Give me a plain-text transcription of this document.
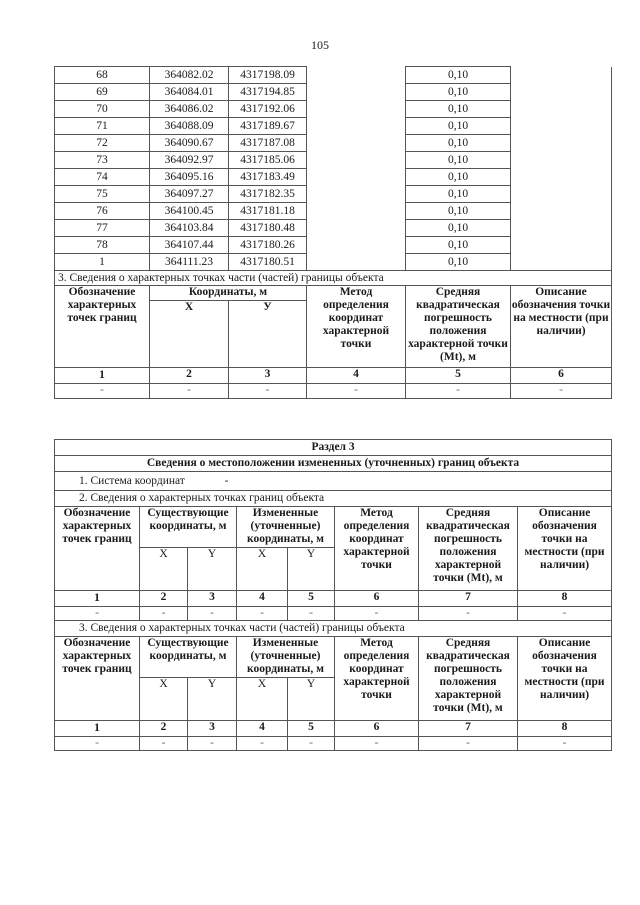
105
68	364082.02	4317198.09		0,10	
69	364084.01	4317194.85		0,10	
70	364086.02	4317192.06		0,10	
71	364088.09	4317189.67		0,10	
72	364090.67	4317187.08		0,10	
73	364092.97	4317185.06		0,10	
74	364095.16	4317183.49		0,10	
75	364097.27	4317182.35		0,10	
76	364100.45	4317181.18		0,10	
77	364103.84	4317180.48		0,10	
78	364107.44	4317180.26		0,10	
1	364111.23	4317180.51		0,10	
3. Сведения о характерных точках части (частей) границы объекта					
Обозначение характерных точек границ	Координаты, м		Метод определения координат характерной точки	Средняя квадратическая погрешность положения характерной точки (Mt), м	Описание обозначения точки на местности (при наличии)
	Х	У			
1	2	3	4	5	6
-	-	-	-	-	-
Раздел 3							
Сведения о местоположении измененных (уточненных) границ объекта							
1. Система координат -							
2. Сведения о характерных точках границ объекта							
Обозначение характерных точек границ	Существующие координаты, м		Измененные (уточненные) координаты, м		Метод определения координат характерной точки	Средняя квадратическая погрешность положения характерной точки (Mt), м	Описание обозначения точки на местности (при наличии)
	X	Y	X	Y			
1	2	3	4	5	6	7	8
-	-	-	-	-	-	-	-
3. Сведения о характерных точках части (частей) границы объекта							
Обозначение характерных точек границ	Существующие координаты, м		Измененные (уточненные) координаты, м		Метод определения координат характерной точки	Средняя квадратическая погрешность положения характерной точки (Mt), м	Описание обозначения точки на местности (при наличии)
	X	Y	X	Y			
1	2	3	4	5	6	7	8
-	-	-	-	-	-	-	-
